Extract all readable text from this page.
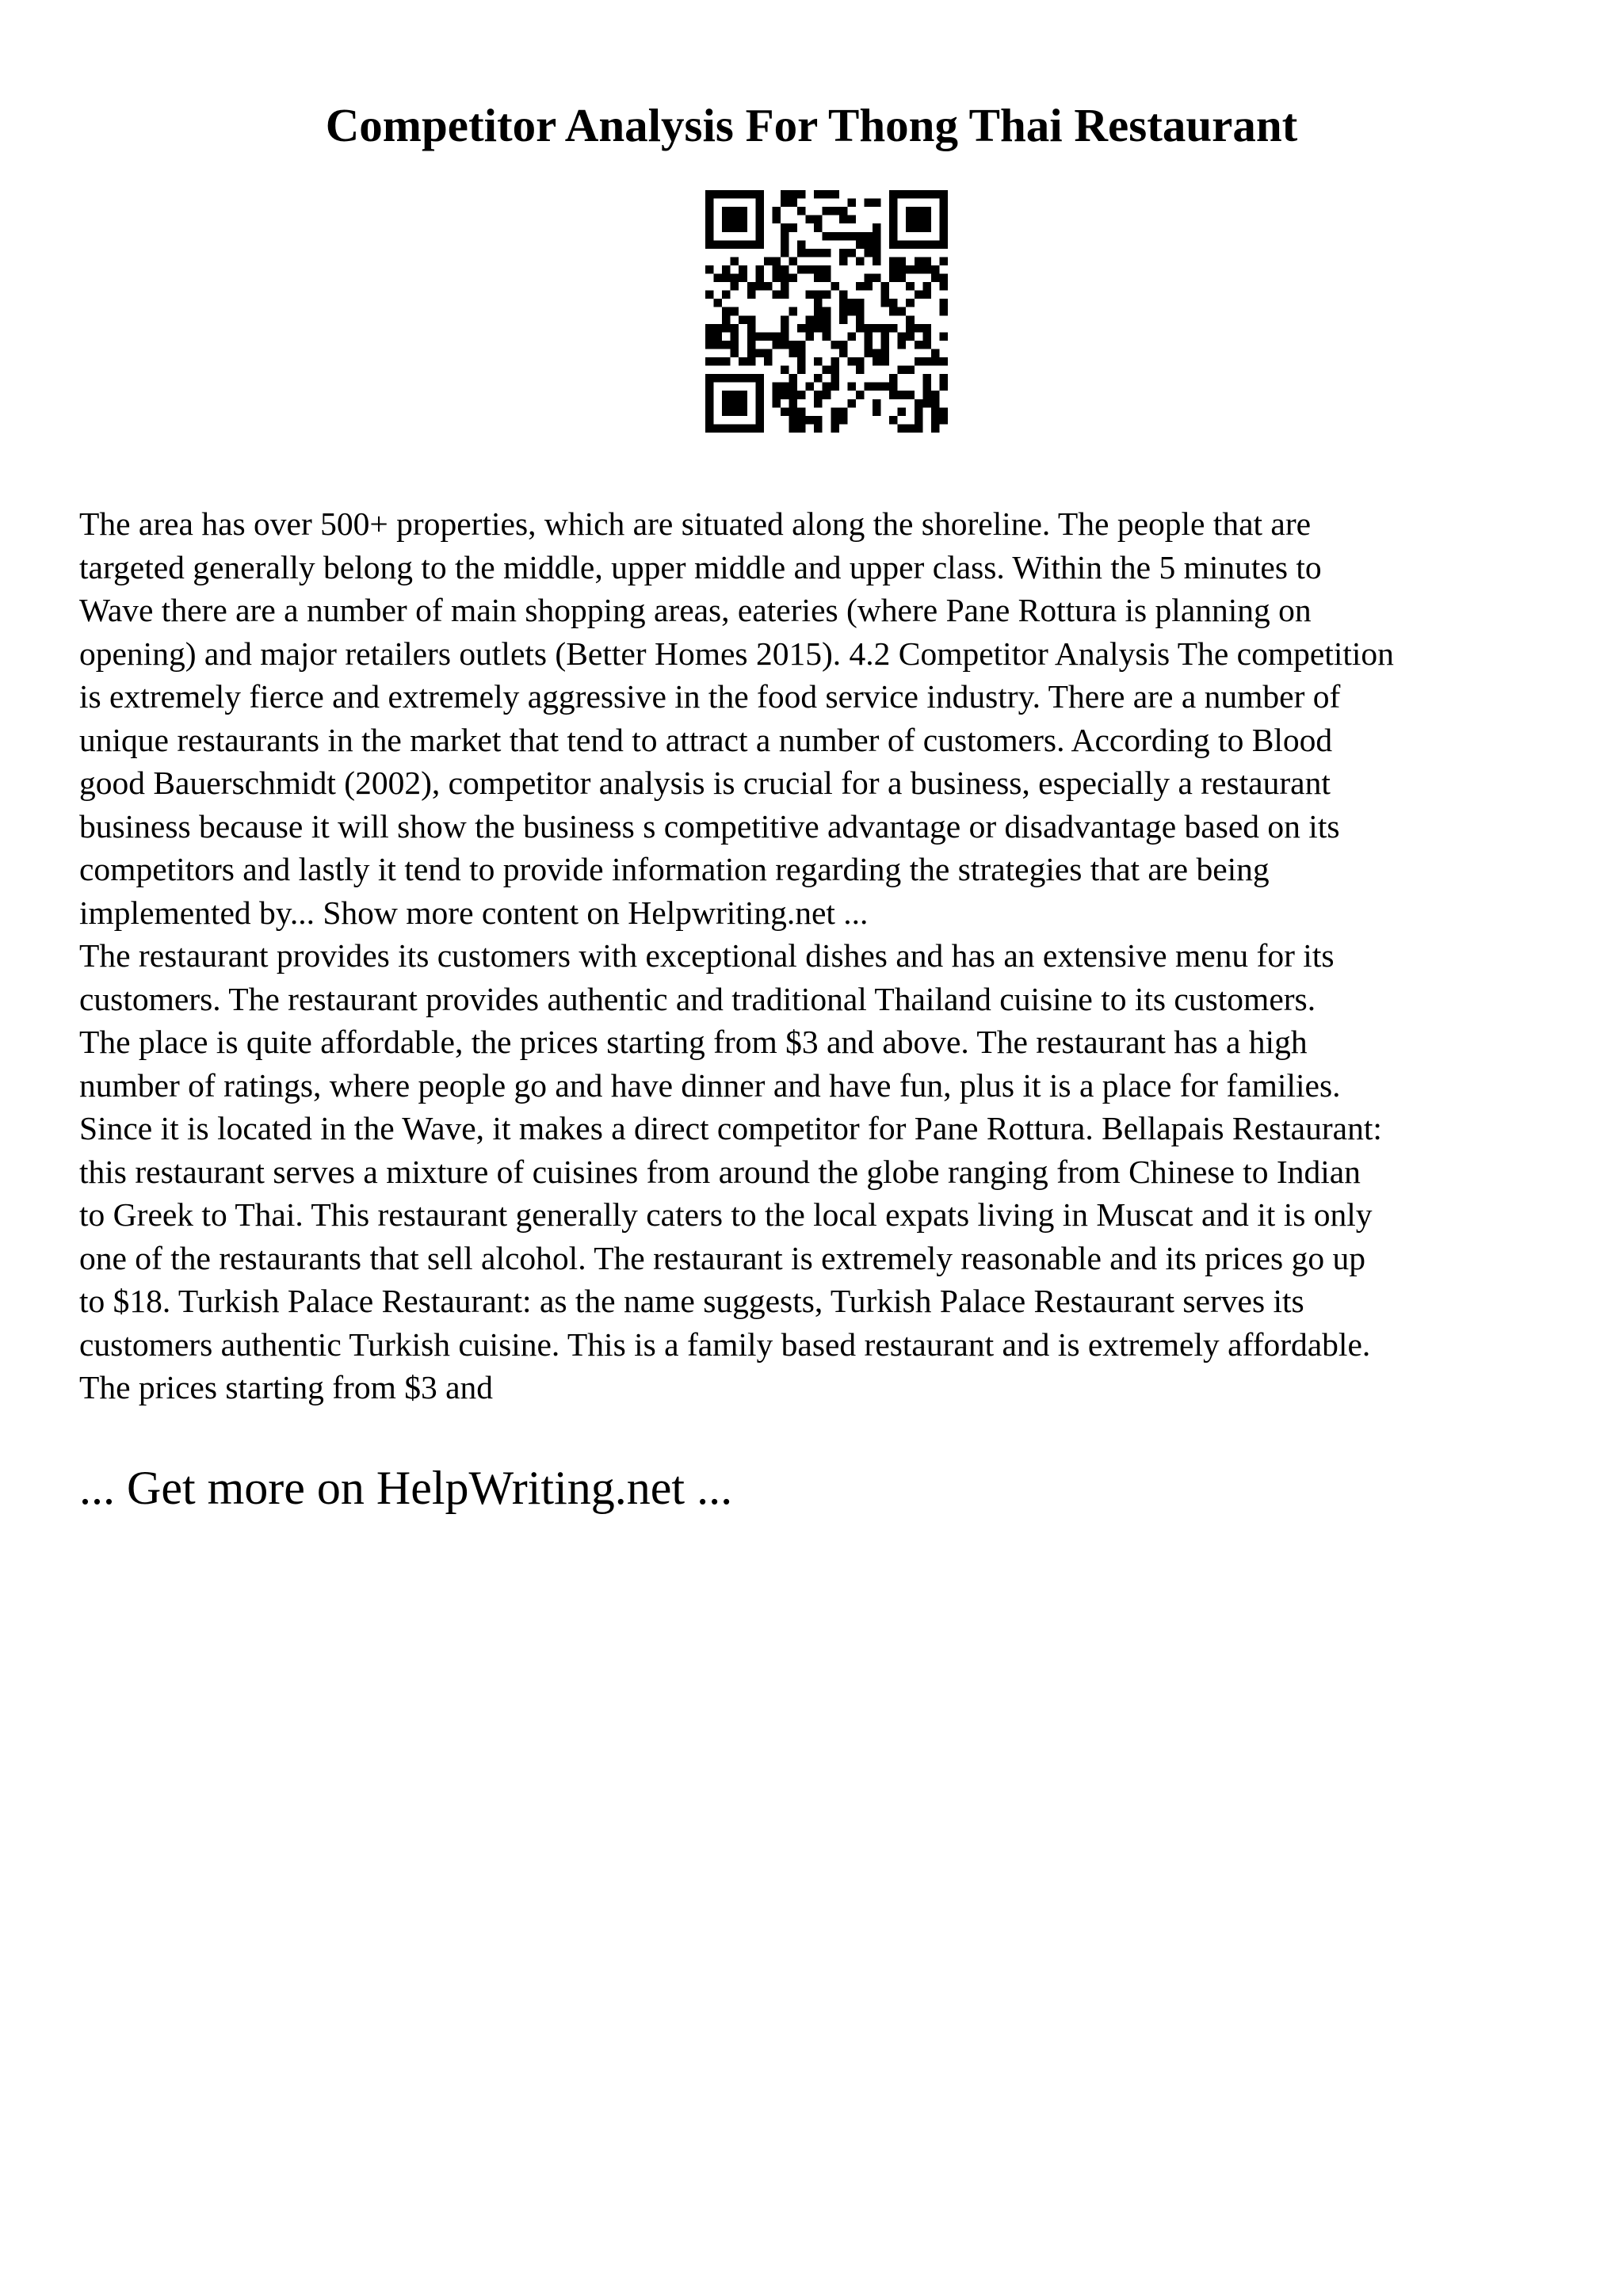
Competitor Analysis For Thong Thai Restaurant

The area has over 500+ properties, which are situated along the shoreline. The people that are
targeted generally belong to the middle, upper middle and upper class. Within the 5 minutes to
Wave there are a number of main shopping areas, eateries (where Pane Rottura is planning on
opening) and major retailers outlets (Better Homes 2015). 4.2 Competitor Analysis The competition
is extremely fierce and extremely aggressive in the food service industry. There are a number of
unique restaurants in the market that tend to attract a number of customers. According to Blood
good Bauerschmidt (2002), competitor analysis is crucial for a business, especially a restaurant
business because it will show the business s competitive advantage or disadvantage based on its
competitors and lastly it tend to provide information regarding the strategies that are being
implemented by... Show more content on Helpwriting.net ...

The restaurant provides its customers with exceptional dishes and has an extensive menu for its
customers. The restaurant provides authentic and traditional Thailand cuisine to its customers.
The place is quite affordable, the prices starting from $3 and above. The restaurant has a high
number of ratings, where people go and have dinner and have fun, plus it is a place for families.
Since it is located in the Wave, it makes a direct competitor for Pane Rottura. Bellapais Restaurant:
this restaurant serves a mixture of cuisines from around the globe ranging from Chinese to Indian
to Greek to Thai. This restaurant generally caters to the local expats living in Muscat and it is only
one of the restaurants that sell alcohol. The restaurant is extremely reasonable and its prices go up
to $18. Turkish Palace Restaurant: as the name suggests, Turkish Palace Restaurant serves its
customers authentic Turkish cuisine. This is a family based restaurant and is extremely affordable.
The prices starting from $3 and

... Get more on HelpWriting.net ...
